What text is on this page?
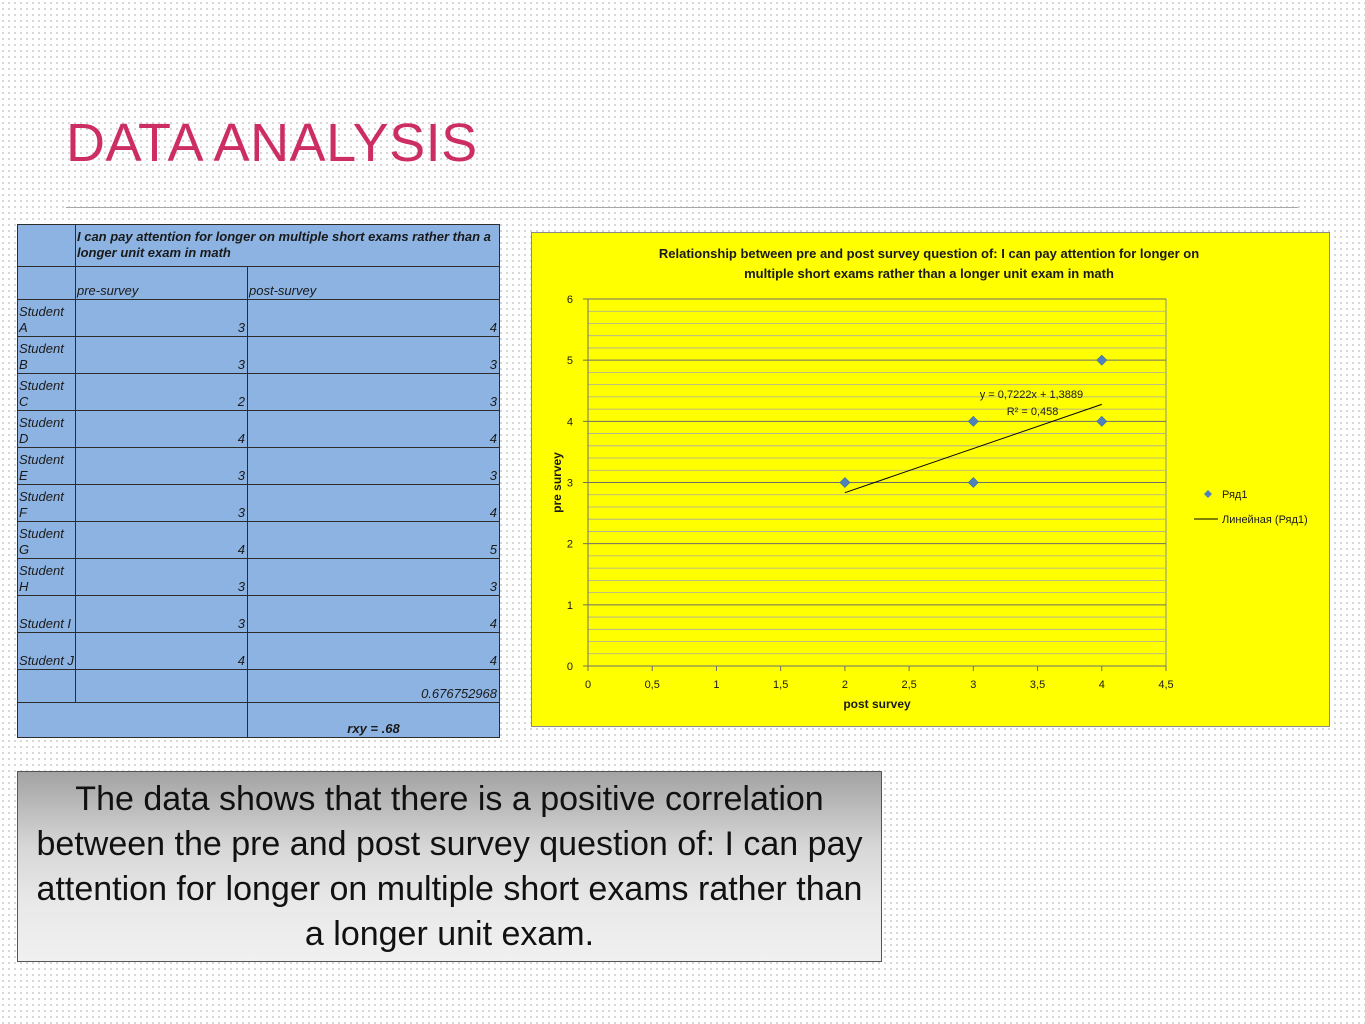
DATA ANALYSIS
	I can pay attention for longer on multiple short exams rather than a longer unit exam in math	
	pre-survey	post-survey
Student A	3	4
Student B	3	3
Student C	2	3
Student D	4	4
Student E	3	3
Student F	3	4
Student G	4	5
Student H	3	3
Student I	3	4
Student J	4	4
		0.676752968
		rxy = .68
Relationship between pre and post survey question of: I can pay attention for longer on
multiple short exams rather than a longer unit exam in math
0	0,5	1	1,5	2	2,5	3	3,5	4	4,5
0
1
2
3
4
5
6
post survey
pre survey
y = 0,7222x + 1,3889
R² = 0,458
Ряд1
Линейная (Ряд1)
The data shows that there is a positive correlation between the pre and post survey question of: I can pay attention for longer on multiple short exams rather than a longer unit exam.
